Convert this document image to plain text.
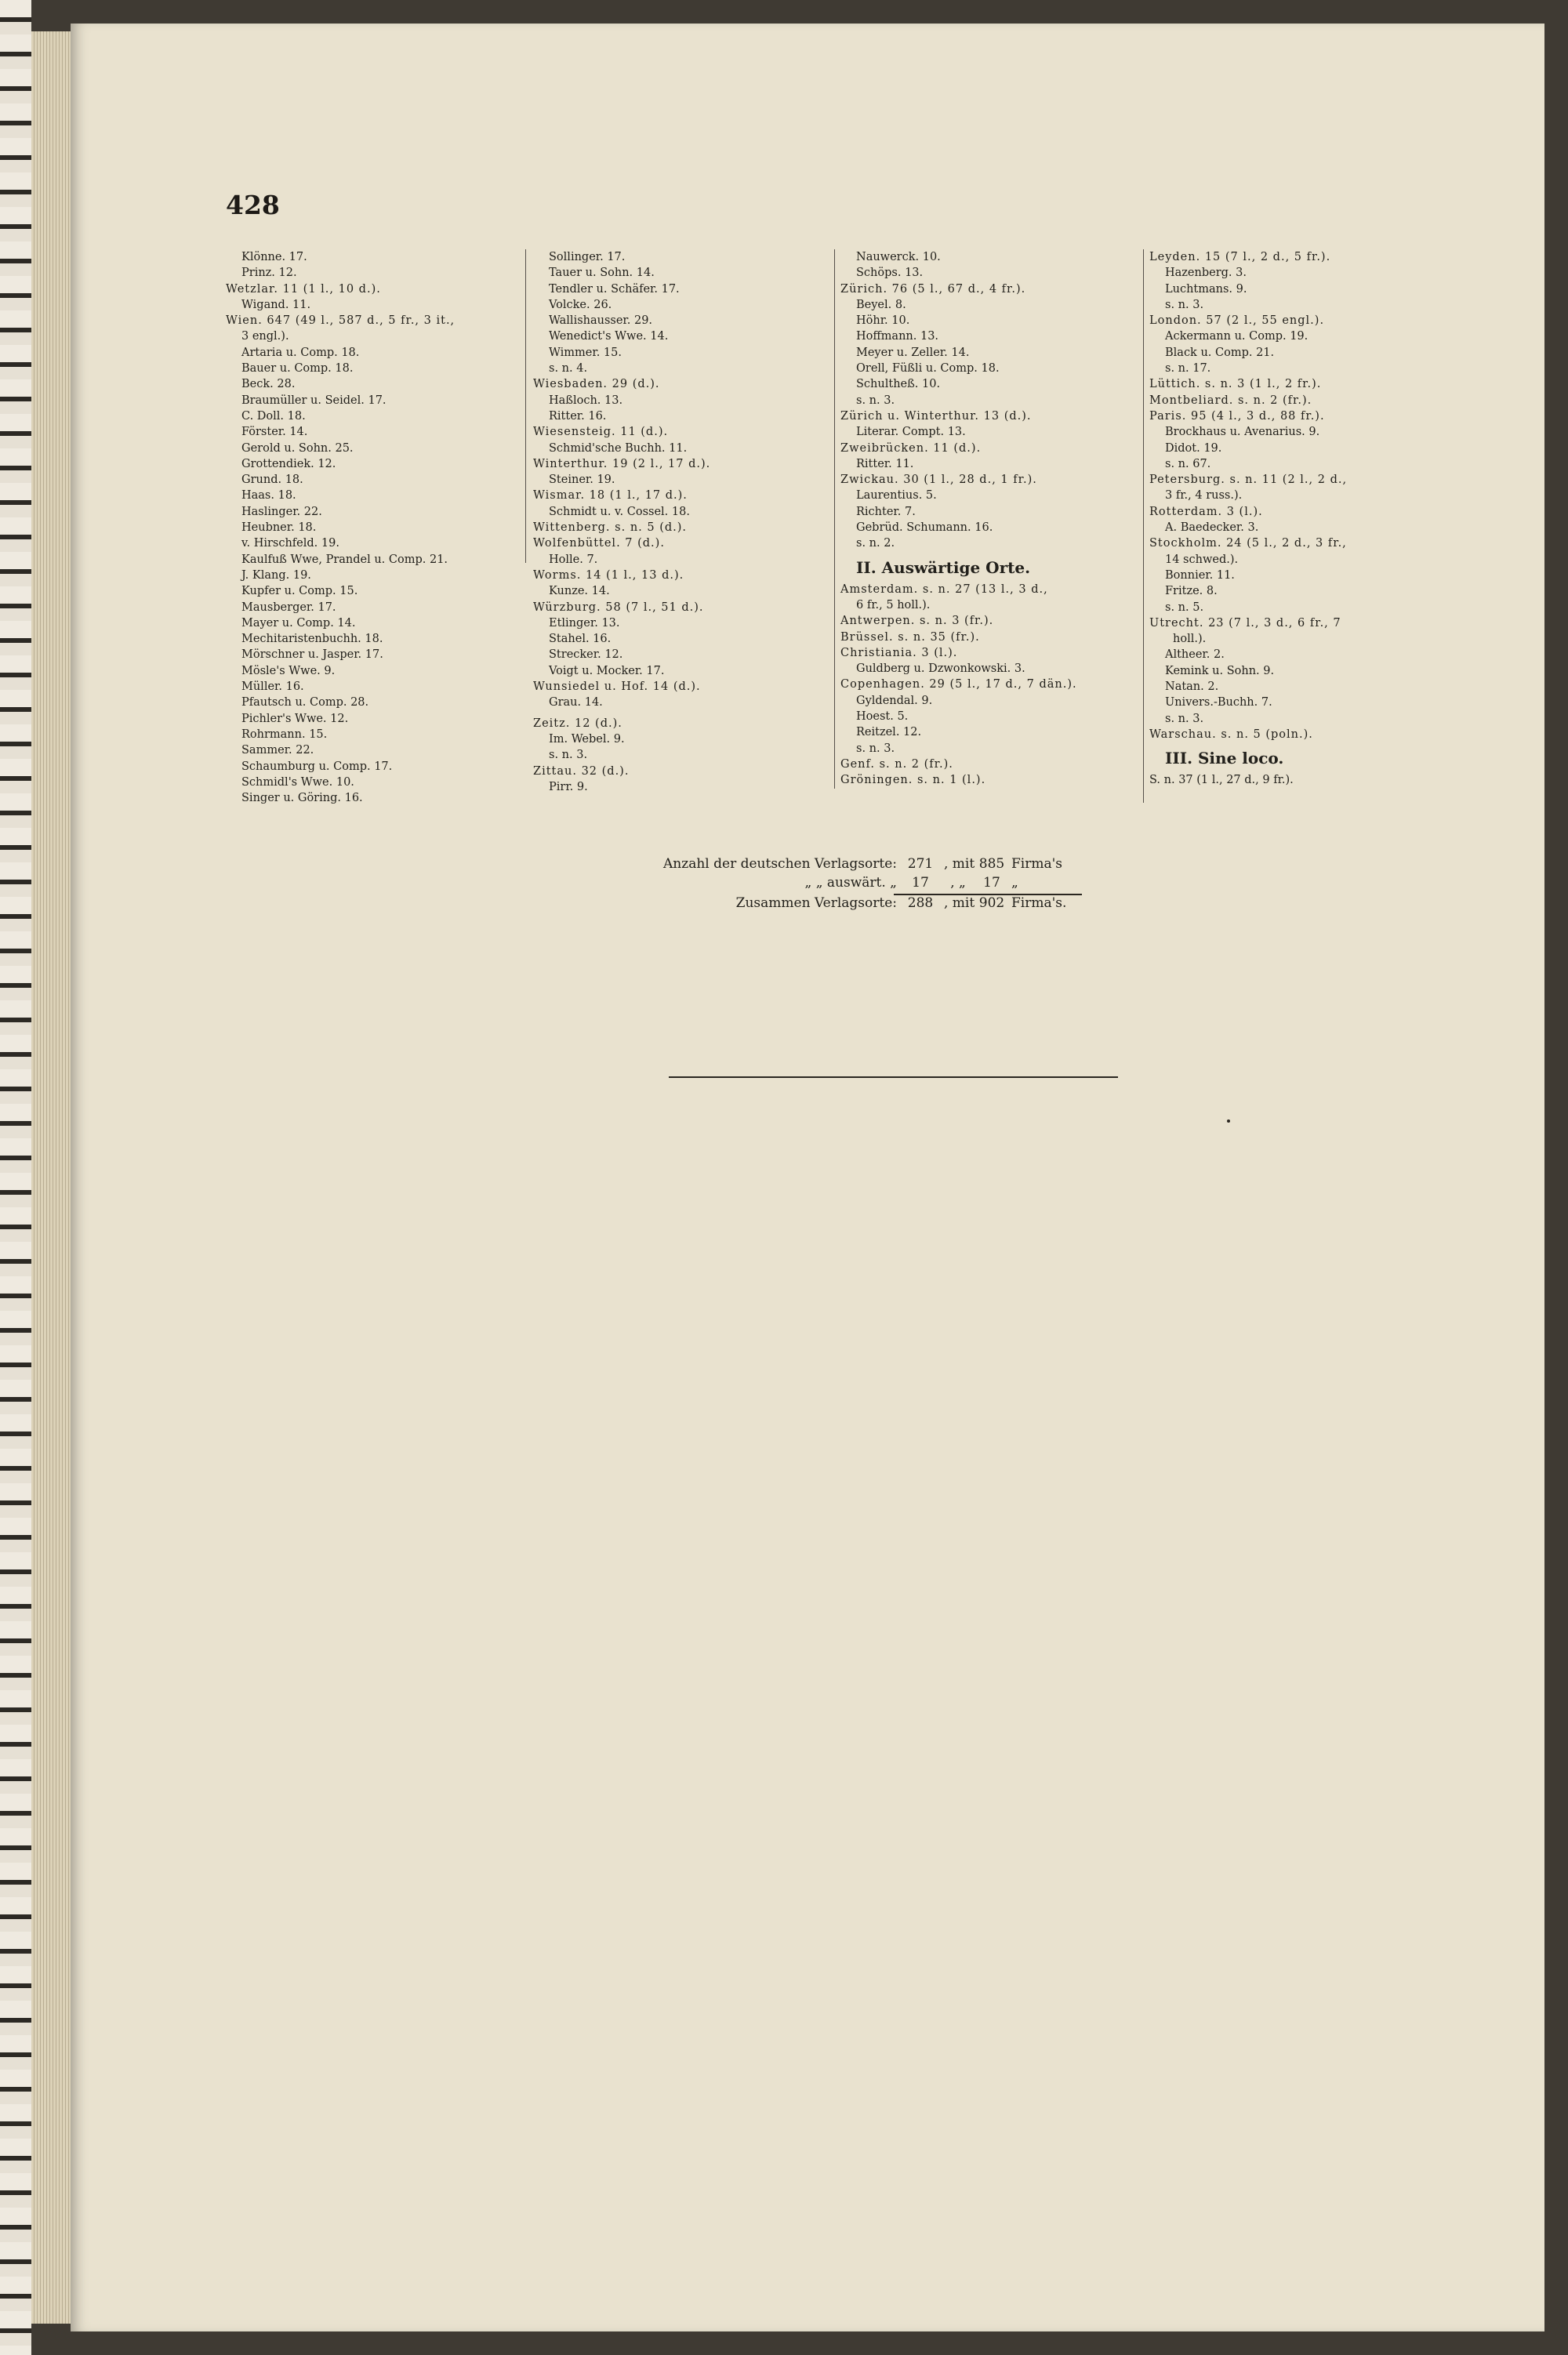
428
Klönne. 17.
Prinz. 12.
Wetzlar. 11 (1 l., 10 d.).
Wigand. 11.
Wien. 647 (49 l., 587 d., 5 fr., 3 it.,
3 engl.).
Artaria u. Comp. 18.
Bauer u. Comp. 18.
Beck. 28.
Braumüller u. Seidel. 17.
C. Doll. 18.
Förster. 14.
Gerold u. Sohn. 25.
Grottendiek. 12.
Grund. 18.
Haas. 18.
Haslinger. 22.
Heubner. 18.
v. Hirschfeld. 19.
Kaulfuß Wwe, Prandel u. Comp. 21.
J. Klang. 19.
Kupfer u. Comp. 15.
Mausberger. 17.
Mayer u. Comp. 14.
Mechitaristenbuchh. 18.
Mörschner u. Jasper. 17.
Mösle's Wwe. 9.
Müller. 16.
Pfautsch u. Comp. 28.
Pichler's Wwe. 12.
Rohrmann. 15.
Sammer. 22.
Schaumburg u. Comp. 17.
Schmidl's Wwe. 10.
Singer u. Göring. 16.
Sollinger. 17.
Tauer u. Sohn. 14.
Tendler u. Schäfer. 17.
Volcke. 26.
Wallishausser. 29.
Wenedict's Wwe. 14.
Wimmer. 15.
s. n. 4.
Wiesbaden. 29 (d.).
Haßloch. 13.
Ritter. 16.
Wiesensteig. 11 (d.).
Schmid'sche Buchh. 11.
Winterthur. 19 (2 l., 17 d.).
Steiner. 19.
Wismar. 18 (1 l., 17 d.).
Schmidt u. v. Cossel. 18.
Wittenberg. s. n. 5 (d.).
Wolfenbüttel. 7 (d.).
Holle. 7.
Worms. 14 (1 l., 13 d.).
Kunze. 14.
Würzburg. 58 (7 l., 51 d.).
Etlinger. 13.
Stahel. 16.
Strecker. 12.
Voigt u. Mocker. 17.
Wunsiedel u. Hof. 14 (d.).
Grau. 14.
Zeitz. 12 (d.).
Im. Webel. 9.
s. n. 3.
Zittau. 32 (d.).
Pirr. 9.
Nauwerck. 10.
Schöps. 13.
Zürich. 76 (5 l., 67 d., 4 fr.).
Beyel. 8.
Höhr. 10.
Hoffmann. 13.
Meyer u. Zeller. 14.
Orell, Füßli u. Comp. 18.
Schultheß. 10.
s. n. 3.
Zürich u. Winterthur. 13 (d.).
Literar. Compt. 13.
Zweibrücken. 11 (d.).
Ritter. 11.
Zwickau. 30 (1 l., 28 d., 1 fr.).
Laurentius. 5.
Richter. 7.
Gebrüd. Schumann. 16.
s. n. 2.
II. Auswärtige Orte.
Amsterdam. s. n. 27 (13 l., 3 d.,
6 fr., 5 holl.).
Antwerpen. s. n. 3 (fr.).
Brüssel. s. n. 35 (fr.).
Christiania. 3 (l.).
Guldberg u. Dzwonkowski. 3.
Copenhagen. 29 (5 l., 17 d., 7 dän.).
Gyldendal. 9.
Hoest. 5.
Reitzel. 12.
s. n. 3.
Genf. s. n. 2 (fr.).
Gröningen. s. n. 1 (l.).
Leyden. 15 (7 l., 2 d., 5 fr.).
Hazenberg. 3.
Luchtmans. 9.
s. n. 3.
London. 57 (2 l., 55 engl.).
Ackermann u. Comp. 19.
Black u. Comp. 21.
s. n. 17.
Lüttich. s. n. 3 (1 l., 2 fr.).
Montbeliard. s. n. 2 (fr.).
Paris. 95 (4 l., 3 d., 88 fr.).
Brockhaus u. Avenarius. 9.
Didot. 19.
s. n. 67.
Petersburg. s. n. 11 (2 l., 2 d.,
3 fr., 4 russ.).
Rotterdam. 3 (l.).
A. Baedecker. 3.
Stockholm. 24 (5 l., 2 d., 3 fr.,
14 schwed.).
Bonnier. 11.
Fritze. 8.
s. n. 5.
Utrecht. 23 (7 l., 3 d., 6 fr., 7
holl.).
Altheer. 2.
Kemink u. Sohn. 9.
Natan. 2.
Univers.-Buchh. 7.
s. n. 3.
Warschau. s. n. 5 (poln.).
III. Sine loco.
S. n. 37 (1 l., 27 d., 9 fr.).
Anzahl der deutschen Verlagsorte: 271 , mit 885 Firma's
„ „ auswärt. „	17	, „	17 „
Zusammen Verlagsorte: 288 , mit 902 Firma's.
